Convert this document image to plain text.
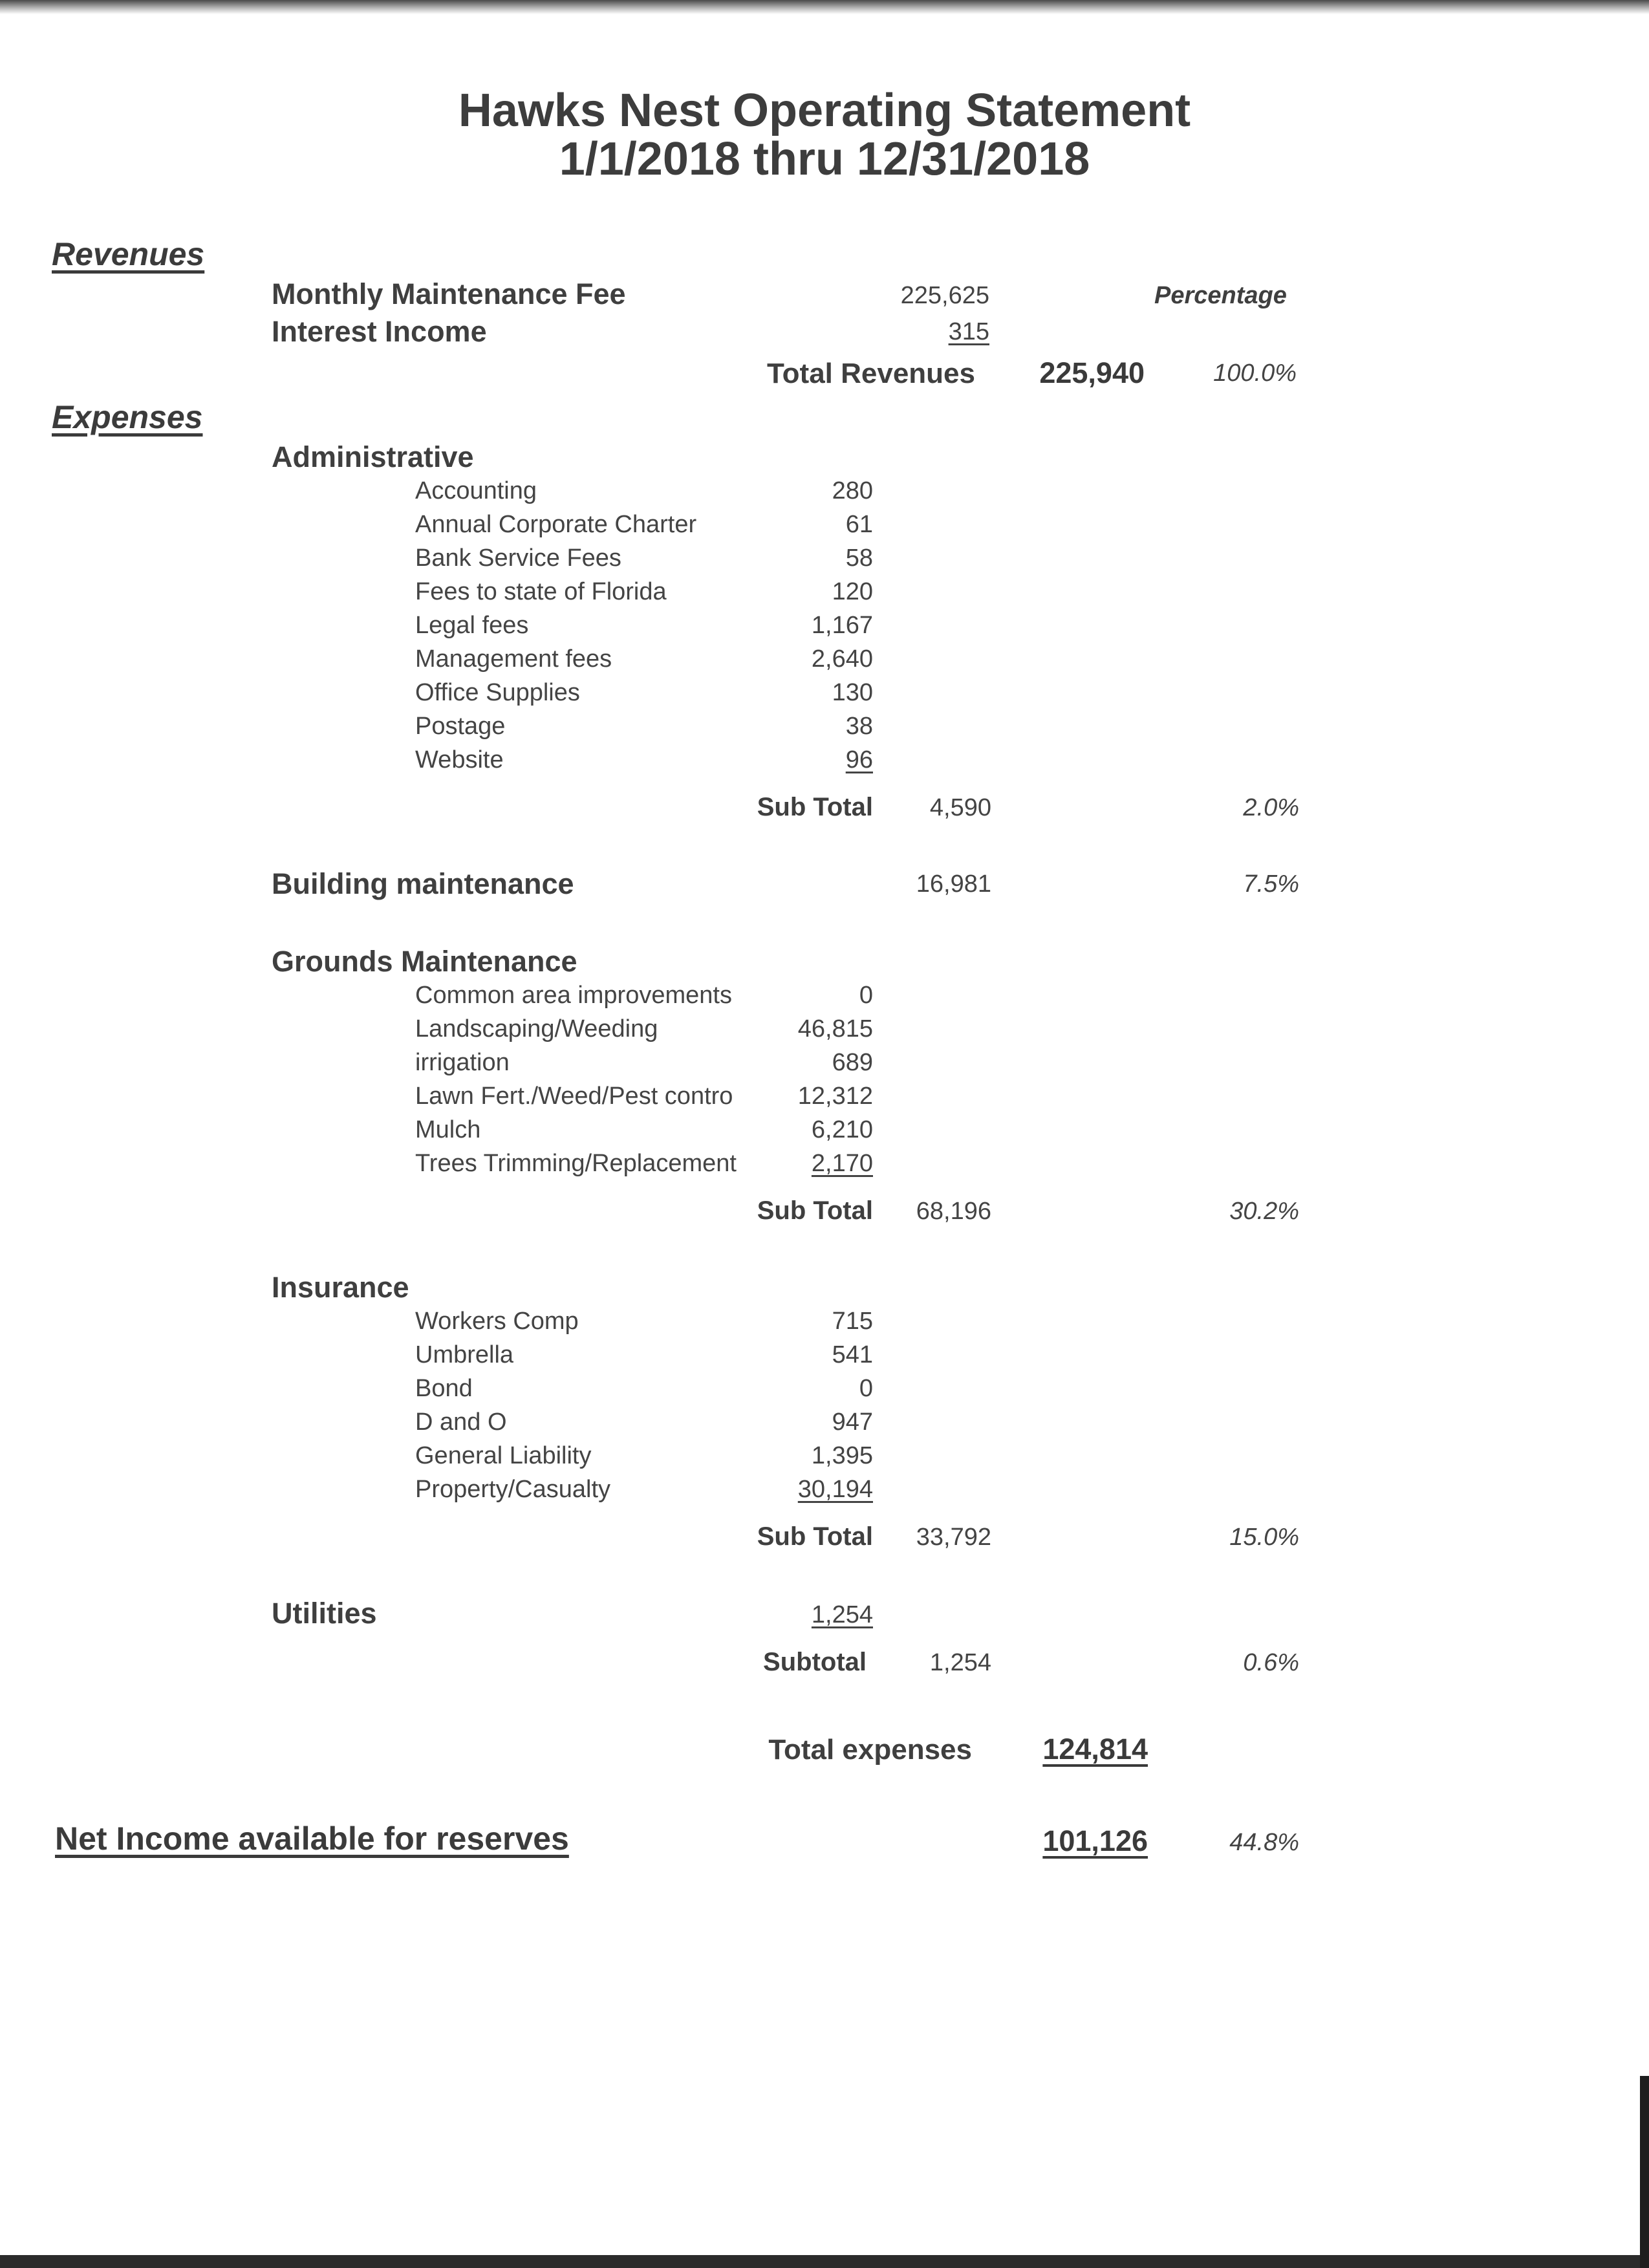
Hawks Nest Operating Statement
1/1/2018 thru 12/31/2018
Revenues
Monthly Maintenance Fee	225,625	Percentage
Interest Income	315
Total Revenues	225,940	100.0%
Expenses
Administrative
Accounting	280
Annual Corporate Charter	61
Bank Service Fees	58
Fees to state of Florida	120
Legal fees	1,167
Management fees	2,640
Office Supplies	130
Postage	38
Website	96
Sub Total	4,590	2.0%
Building maintenance	16,981	7.5%
Grounds Maintenance
Common area improvements	0
Landscaping/Weeding	46,815
irrigation	689
Lawn Fert./Weed/Pest contro	12,312
Mulch	6,210
Trees Trimming/Replacement	2,170
Sub Total	68,196	30.2%
Insurance
Workers Comp	715
Umbrella	541
Bond	0
D and O	947
General Liability	1,395
Property/Casualty	30,194
Sub Total	33,792	15.0%
Utilities	1,254
Subtotal	1,254	0.6%
Total expenses	124,814
Net Income available for reserves	101,126	44.8%
